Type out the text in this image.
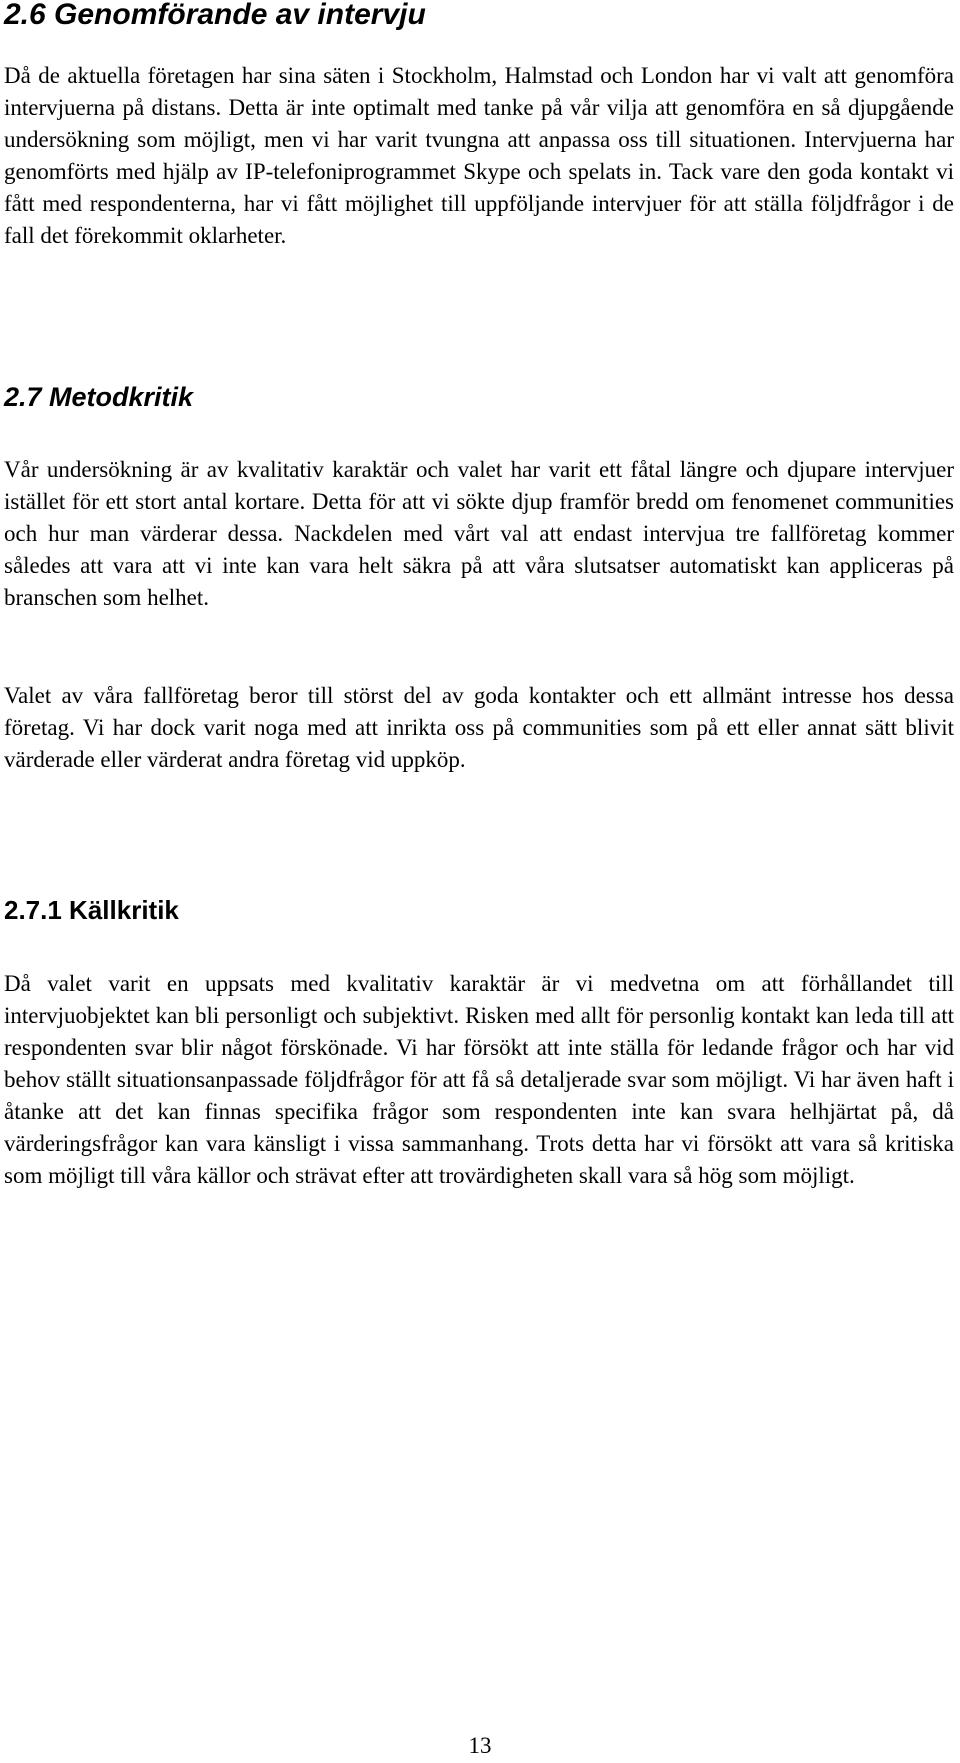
2.6 Genomförande av intervju

Då de aktuella företagen har sina säten i Stockholm, Halmstad och London har vi valt att genomföra intervjuerna på distans. Detta är inte optimalt med tanke på vår vilja att genomföra en så djupgående undersökning som möjligt, men vi har varit tvungna att anpassa oss till situationen. Intervjuerna har genomförts med hjälp av IP-telefoniprogrammet Skype och spelats in. Tack vare den goda kontakt vi fått med respondenterna, har vi fått möjlighet till uppföljande intervjuer för att ställa följdfrågor i de fall det förekommit oklarheter.

2.7 Metodkritik

Vår undersökning är av kvalitativ karaktär och valet har varit ett fåtal längre och djupare intervjuer istället för ett stort antal kortare. Detta för att vi sökte djup framför bredd om fenomenet communities och hur man värderar dessa. Nackdelen med vårt val att endast intervjua tre fallföretag kommer således att vara att vi inte kan vara helt säkra på att våra slutsatser automatiskt kan appliceras på branschen som helhet.

Valet av våra fallföretag beror till störst del av goda kontakter och ett allmänt intresse hos dessa företag. Vi har dock varit noga med att inrikta oss på communities som på ett eller annat sätt blivit värderade eller värderat andra företag vid uppköp.

2.7.1 Källkritik

Då valet varit en uppsats med kvalitativ karaktär är vi medvetna om att förhållandet till intervjuobjektet kan bli personligt och subjektivt. Risken med allt för personlig kontakt kan leda till att respondenten svar blir något förskönade. Vi har försökt att inte ställa för ledande frågor och har vid behov ställt situationsanpassade följdfrågor för att få så detaljerade svar som möjligt. Vi har även haft i åtanke att det kan finnas specifika frågor som respondenten inte kan svara helhjärtat på, då värderingsfrågor kan vara känsligt i vissa sammanhang. Trots detta har vi försökt att vara så kritiska som möjligt till våra källor och strävat efter att trovärdigheten skall vara så hög som möjligt.

13
